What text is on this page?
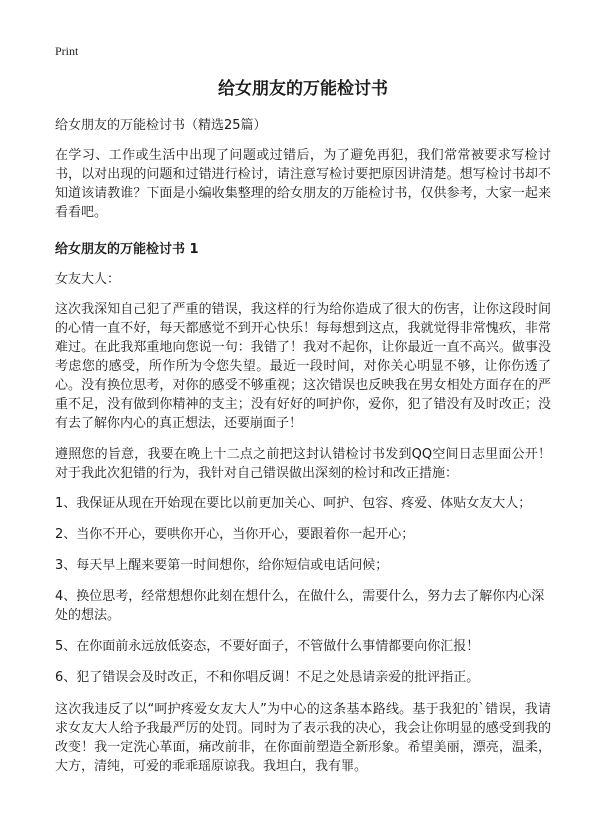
Print
给女朋友的万能检讨书
给女朋友的万能检讨书（精选25篇）

在学习、工作或生活中出现了问题或过错后，为了避免再犯，我们常常被要求写检讨书，以对出现的问题和过错进行检讨，请注意写检讨要把原因讲清楚。想写检讨书却不知道该请教谁？下面是小编收集整理的给女朋友的万能检讨书，仅供参考，大家一起来看看吧。

给女朋友的万能检讨书 1

女友大人：

这次我深知自己犯了严重的错误，我这样的行为给你造成了很大的伤害，让你这段时间的心情一直不好，每天都感觉不到开心快乐！每每想到这点，我就觉得非常愧疚，非常难过。在此我郑重地向您说一句：我错了！我对不起你，让你最近一直不高兴。做事没考虑您的感受，所作所为令您失望。最近一段时间，对你关心明显不够，让你伤透了心。没有换位思考，对你的感受不够重视；这次错误也反映我在男女相处方面存在的严重不足，没有做到你精神的支主；没有好好的呵护你，爱你，犯了错没有及时改正；没有去了解你内心的真正想法，还要崩面子！

遵照您的旨意，我要在晚上十二点之前把这封认错检讨书发到QQ空间日志里面公开！对于我此次犯错的行为，我针对自己错误做出深刻的检讨和改正措施：

1、我保证从现在开始现在要比以前更加关心、呵护、包容、疼爱、体贴女友大人；
2、当你不开心，要哄你开心，当你开心，要跟着你一起开心；
3、每天早上醒来要第一时间想你，给你短信或电话问候；
4、换位思考，经常想想你此刻在想什么，在做什么，需要什么，努力去了解你内心深处的想法。
5、在你面前永远放低姿态，不要好面子，不管做什么事情都要向你汇报！
6、犯了错误会及时改正，不和你唱反调！不足之处恳请亲爱的批评指正。

这次我违反了以“呵护疼爱女友大人”为中心的这条基本路线。基于我犯的`错误，我请求女友大人给予我最严厉的处罚。同时为了表示我的决心，我会让你明显的感受到我的改变！我一定洗心革面，痛改前非，在你面前塑造全新形象。希望美丽，漂亮，温柔，大方，清纯，可爱的乖乖瑶原谅我。我坦白，我有罪。
